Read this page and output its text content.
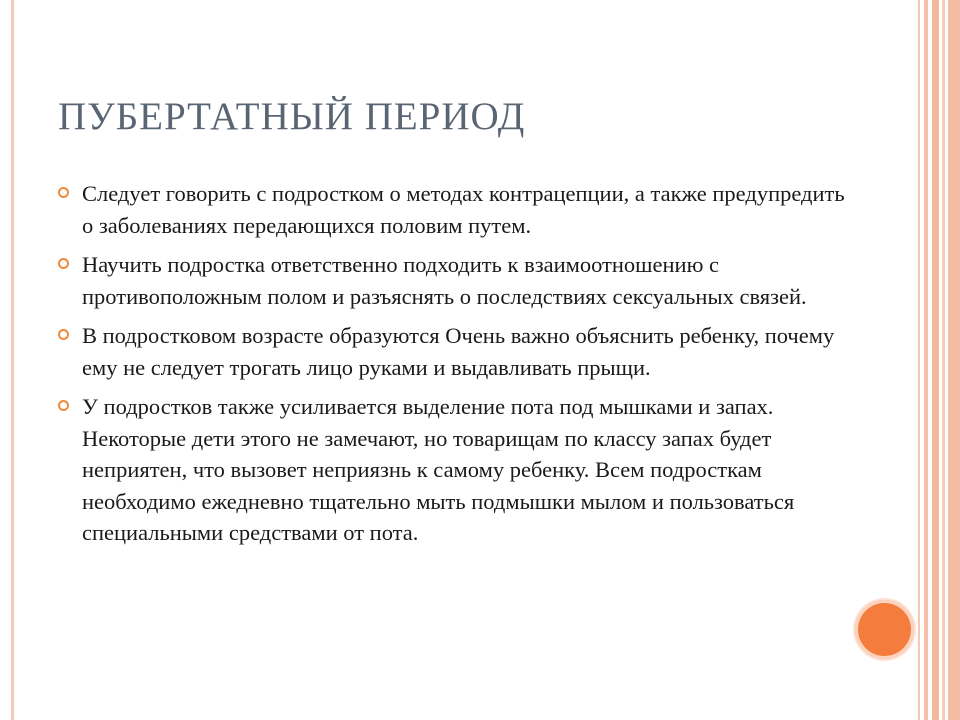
ПУБЕРТАТНЫЙ ПЕРИОД
Следует говорить с подростком о методах контрацепции, а также предупредить о заболеваниях передающихся половим путем.
Научить подростка ответственно подходить к взаимоотношению с противоположным полом и разъяснять о последствиях сексуальных связей.
В подростковом возрасте образуются Очень важно объяснить ребенку, почему ему не следует трогать лицо руками и выдавливать прыщи.
У подростков также усиливается выделение пота под мышками и запах. Некоторые дети этого не замечают, но товарищам по классу запах будет неприятен, что вызовет неприязнь к самому ребенку. Всем подросткам необходимо ежедневно тщательно мыть подмышки мылом и пользоваться специальными средствами от пота.
